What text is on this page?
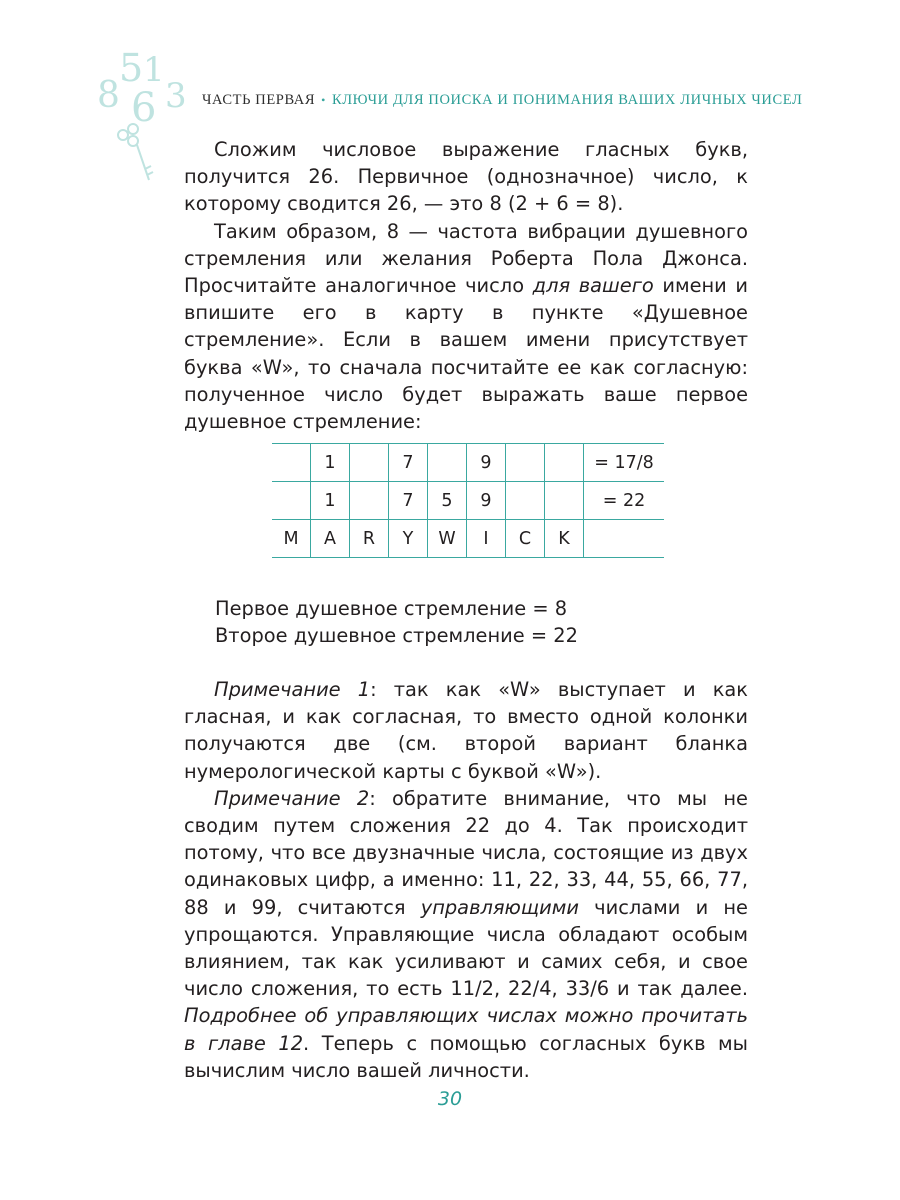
8
5 1
3
6	ЧАСТЬ ПЕРВАЯ • КЛЮЧИ ДЛЯ ПОИСКА И ПОНИМАНИЯ ВАШИХ ЛИЧНЫХ ЧИСЕЛ

Сложим числовое выражение гласных букв, получится 26. Первичное (однозначное) число, к которому сводится 26, — это 8 (2 + 6 = 8).

Таким образом, 8 — частота вибрации душевного стремления или желания Роберта Пола Джонса. Просчитайте аналогичное число для вашего имени и впишите его в карту в пункте «Душевное стремление». Если в вашем имени присутствует буква «W», то сначала посчитайте ее как согласную: полученное число будет выражать ваше первое душевное стремление:

	1		7		9			= 17/8
	1		7	5	9			= 22
M	A	R	Y	W	I	C	K	
Первое душевное стремление = 8
Второе душевное стремление = 22

Примечание 1: так как «W» выступает и как гласная, и как согласная, то вместо одной колонки получаются две (см. второй вариант бланка нумерологической карты с буквой «W»).

Примечание 2: обратите внимание, что мы не сводим путем сложения 22 до 4. Так происходит потому, что все двузначные числа, состоящие из двух одинаковых цифр, а именно: 11, 22, 33, 44, 55, 66, 77, 88 и 99, считаются управляющими числами и не упрощаются. Управляющие числа обладают особым влиянием, так как усиливают и самих себя, и свое число сложения, то есть 11/2, 22/4, 33/6 и так далее. Подробнее об управляющих числах можно прочитать в главе 12. Теперь с помощью согласных букв мы вычислим число вашей личности.

30
